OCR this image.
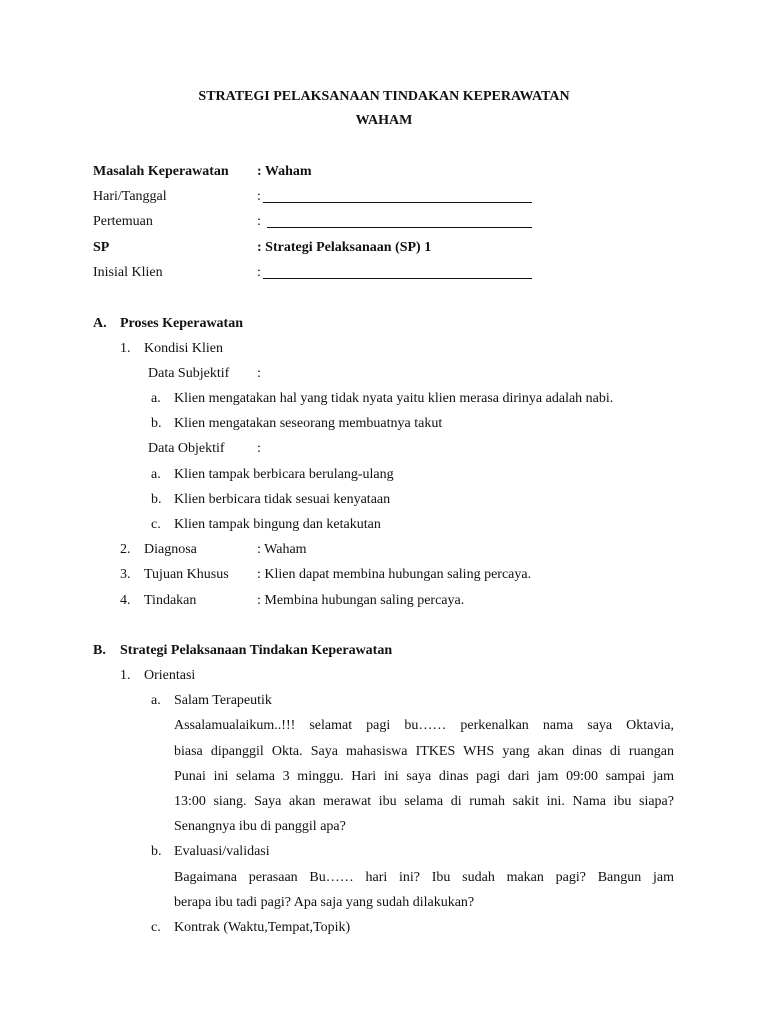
STRATEGI PELAKSANAAN TINDAKAN KEPERAWATAN
WAHAM
Masalah Keperawatan : Waham
Hari/Tanggal	:
Pertemuan	:
SP	: Strategi Pelaksanaan (SP) 1
Inisial Klien	:
A. Proses Keperawatan
1. Kondisi Klien
Data Subjektif :
a. Klien mengatakan hal yang tidak nyata yaitu klien merasa dirinya adalah nabi.
b. Klien mengatakan seseorang membuatnya takut
Data Objektif :
a. Klien tampak berbicara berulang-ulang
b. Klien berbicara tidak sesuai kenyataan
c. Klien tampak bingung dan ketakutan
2. Diagnosa	: Waham
3. Tujuan Khusus : Klien dapat membina hubungan saling percaya.
4. Tindakan	: Membina hubungan saling percaya.
B. Strategi Pelaksanaan Tindakan Keperawatan
1. Orientasi
a. Salam Terapeutik
Assalamualaikum..!!! selamat pagi bu…… perkenalkan nama saya Oktavia,
biasa dipanggil Okta. Saya mahasiswa ITKES WHS yang akan dinas di ruangan
Punai ini selama 3 minggu. Hari ini saya dinas pagi dari jam 09:00 sampai jam
13:00 siang. Saya akan merawat ibu selama di rumah sakit ini. Nama ibu siapa?
Senangnya ibu di panggil apa?
b. Evaluasi/validasi
Bagaimana perasaan Bu…… hari ini? Ibu sudah makan pagi? Bangun jam
berapa ibu tadi pagi? Apa saja yang sudah dilakukan?
c. Kontrak (Waktu,Tempat,Topik)
